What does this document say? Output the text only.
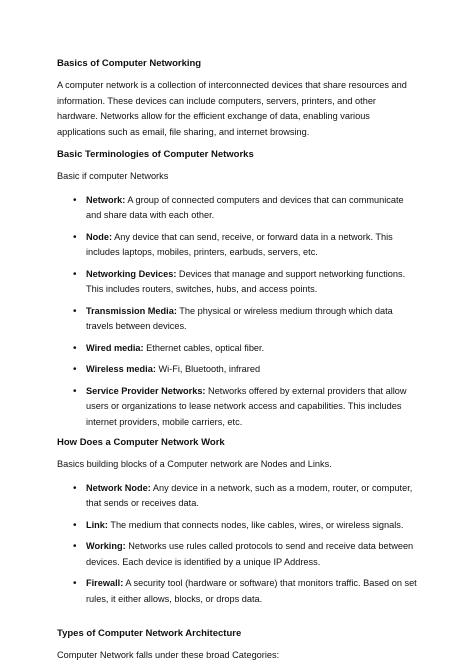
Basics of Computer Networking
A computer network is a collection of interconnected devices that share resources and information. These devices can include computers, servers, printers, and other hardware. Networks allow for the efficient exchange of data, enabling various applications such as email, file sharing, and internet browsing.
Basic Terminologies of Computer Networks
Basic if computer Networks
• Network: A group of connected computers and devices that can communicate and share data with each other.
• Node: Any device that can send, receive, or forward data in a network. This includes laptops, mobiles, printers, earbuds, servers, etc.
• Networking Devices: Devices that manage and support networking functions. This includes routers, switches, hubs, and access points.
• Transmission Media: The physical or wireless medium through which data travels between devices.
• Wired media: Ethernet cables, optical fiber.
• Wireless media: Wi-Fi, Bluetooth, infrared
• Service Provider Networks: Networks offered by external providers that allow users or organizations to lease network access and capabilities. This includes internet providers, mobile carriers, etc.
How Does a Computer Network Work
Basics building blocks of a Computer network are Nodes and Links.
• Network Node: Any device in a network, such as a modem, router, or computer, that sends or receives data.
• Link: The medium that connects nodes, like cables, wires, or wireless signals.
• Working: Networks use rules called protocols to send and receive data between devices. Each device is identified by a unique IP Address.
• Firewall: A security tool (hardware or software) that monitors traffic. Based on set rules, it either allows, blocks, or drops data.
Types of Computer Network Architecture
Computer Network falls under these broad Categories:
